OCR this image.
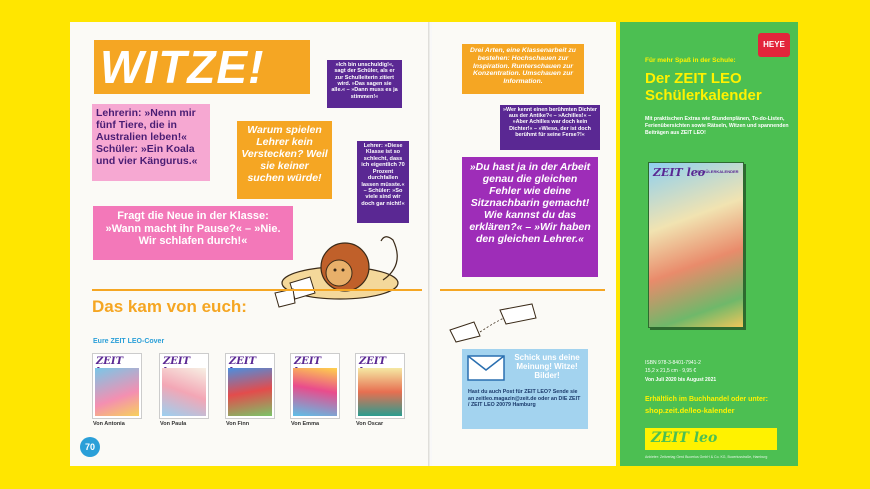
WITZE!
Lehrerin: »Nenn mir fünf Tiere, die in Australien leben!« Schüler: »Ein Koala und vier Kängurus.«
»Ich bin unschuldig!«, sagt der Schüler, als er zur Schulleiterin zitiert wird. »Das sagen sie alle.« – »Dann muss es ja stimmen!«
Warum spielen Lehrer kein Verstecken? Weil sie keiner suchen würde!
Lehrer: »Diese Klasse ist so schlecht, dass ich eigentlich 70 Prozent durchfallen lassen müsste.« – Schüler: »So viele sind wir doch gar nicht!«
Fragt die Neue in der Klasse: »Wann macht ihr Pause?« – »Nie. Wir schlafen durch!«
Das kam von euch:
Eure ZEIT LEO-Cover
ZEIT	ZEIT	ZEIT	ZEIT	ZEIT
Von Antonia	Von Paula	Von Finn	Von Emma	Von Oscar
70
Drei Arten, eine Klassenarbeit zu bestehen: Hochschauen zur Inspiration. Runterschauen zur Konzentration. Umschauen zur Information.
»Wer kennt einen berühmten Dichter aus der Antike?« – »Achilles!« – »Aber Achilles war doch kein Dichter!« – »Wieso, der ist doch berühmt für seine Ferse?!«
»Du hast ja in der Arbeit genau die gleichen Fehler wie deine Sitznachbarin gemacht! Wie kannst du das erklären?« – »Wir haben den gleichen Lehrer.«
Schick uns deine Meinung! Witze! Bilder!
Hast du auch Post für ZEIT LEO? Sende sie an zeitleo.magazin@zeit.de oder an DIE ZEIT / ZEIT LEO 20079 Hamburg
Für mehr Spaß in der Schule:
HEYE
Der ZEIT LEO Schülerkalender
Mit praktischen Extras wie Stundenplänen, To-do-Listen, Ferienübersichten sowie Rätseln, Witzen und spannenden Beiträgen aus ZEIT LEO!
ZEIT leo
SCHÜLERKALENDER
ISBN 978-3-8401-7941-2
15,2 x 21,5 cm · 9,95 €
Von Juli 2020 bis August 2021
Erhältlich im Buchhandel oder unter:
shop.zeit.de/leo-kalender
ZEIT leo
Anbieter: Zeitverlag Gerd Bucerius GmbH & Co. KG, Buceriusstraße, Hamburg
